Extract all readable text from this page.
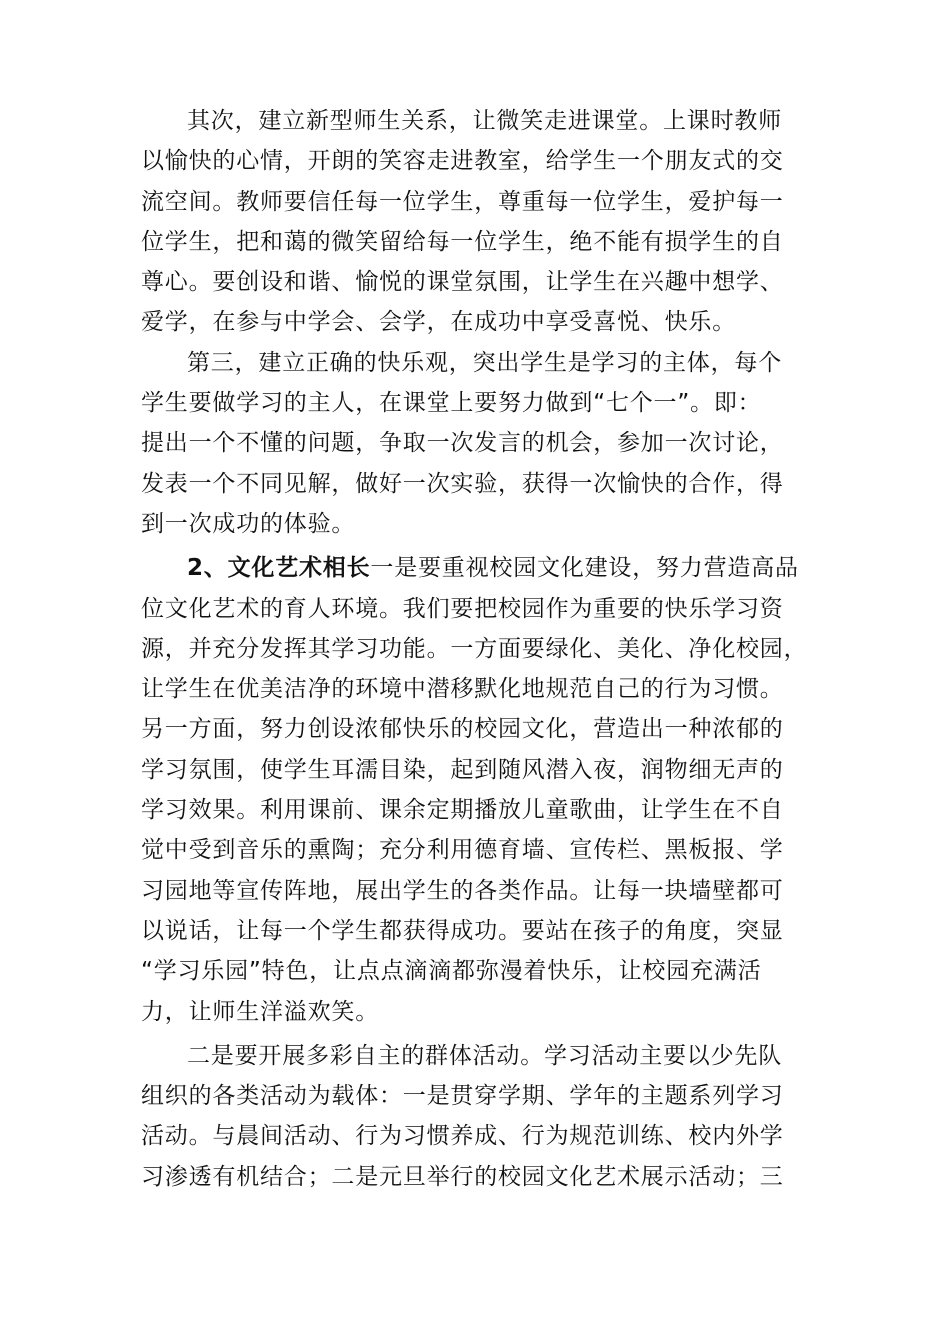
其次，建立新型师生关系，让微笑走进课堂。上课时教师
以愉快的心情，开朗的笑容走进教室，给学生一个朋友式的交
流空间。教师要信任每一位学生，尊重每一位学生，爱护每一
位学生，把和蔼的微笑留给每一位学生，绝不能有损学生的自
尊心。要创设和谐、愉悦的课堂氛围，让学生在兴趣中想学、
爱学，在参与中学会、会学，在成功中享受喜悦、快乐。
第三，建立正确的快乐观，突出学生是学习的主体，每个
学生要做学习的主人，在课堂上要努力做到“七个一”。即：
提出一个不懂的问题，争取一次发言的机会，参加一次讨论，
发表一个不同见解，做好一次实验，获得一次愉快的合作，得
到一次成功的体验。
2、文化艺术相长一是要重视校园文化建设，努力营造高品
位文化艺术的育人环境。我们要把校园作为重要的快乐学习资
源，并充分发挥其学习功能。一方面要绿化、美化、净化校园，
让学生在优美洁净的环境中潜移默化地规范自己的行为习惯。
另一方面，努力创设浓郁快乐的校园文化，营造出一种浓郁的
学习氛围，使学生耳濡目染，起到随风潜入夜，润物细无声的
学习效果。利用课前、课余定期播放儿童歌曲，让学生在不自
觉中受到音乐的熏陶；充分利用德育墙、宣传栏、黑板报、学
习园地等宣传阵地，展出学生的各类作品。让每一块墙壁都可
以说话，让每一个学生都获得成功。要站在孩子的角度，突显
“学习乐园”特色，让点点滴滴都弥漫着快乐，让校园充满活
力，让师生洋溢欢笑。
二是要开展多彩自主的群体活动。学习活动主要以少先队
组织的各类活动为载体：一是贯穿学期、学年的主题系列学习
活动。与晨间活动、行为习惯养成、行为规范训练、校内外学
习渗透有机结合；二是元旦举行的校园文化艺术展示活动；三
